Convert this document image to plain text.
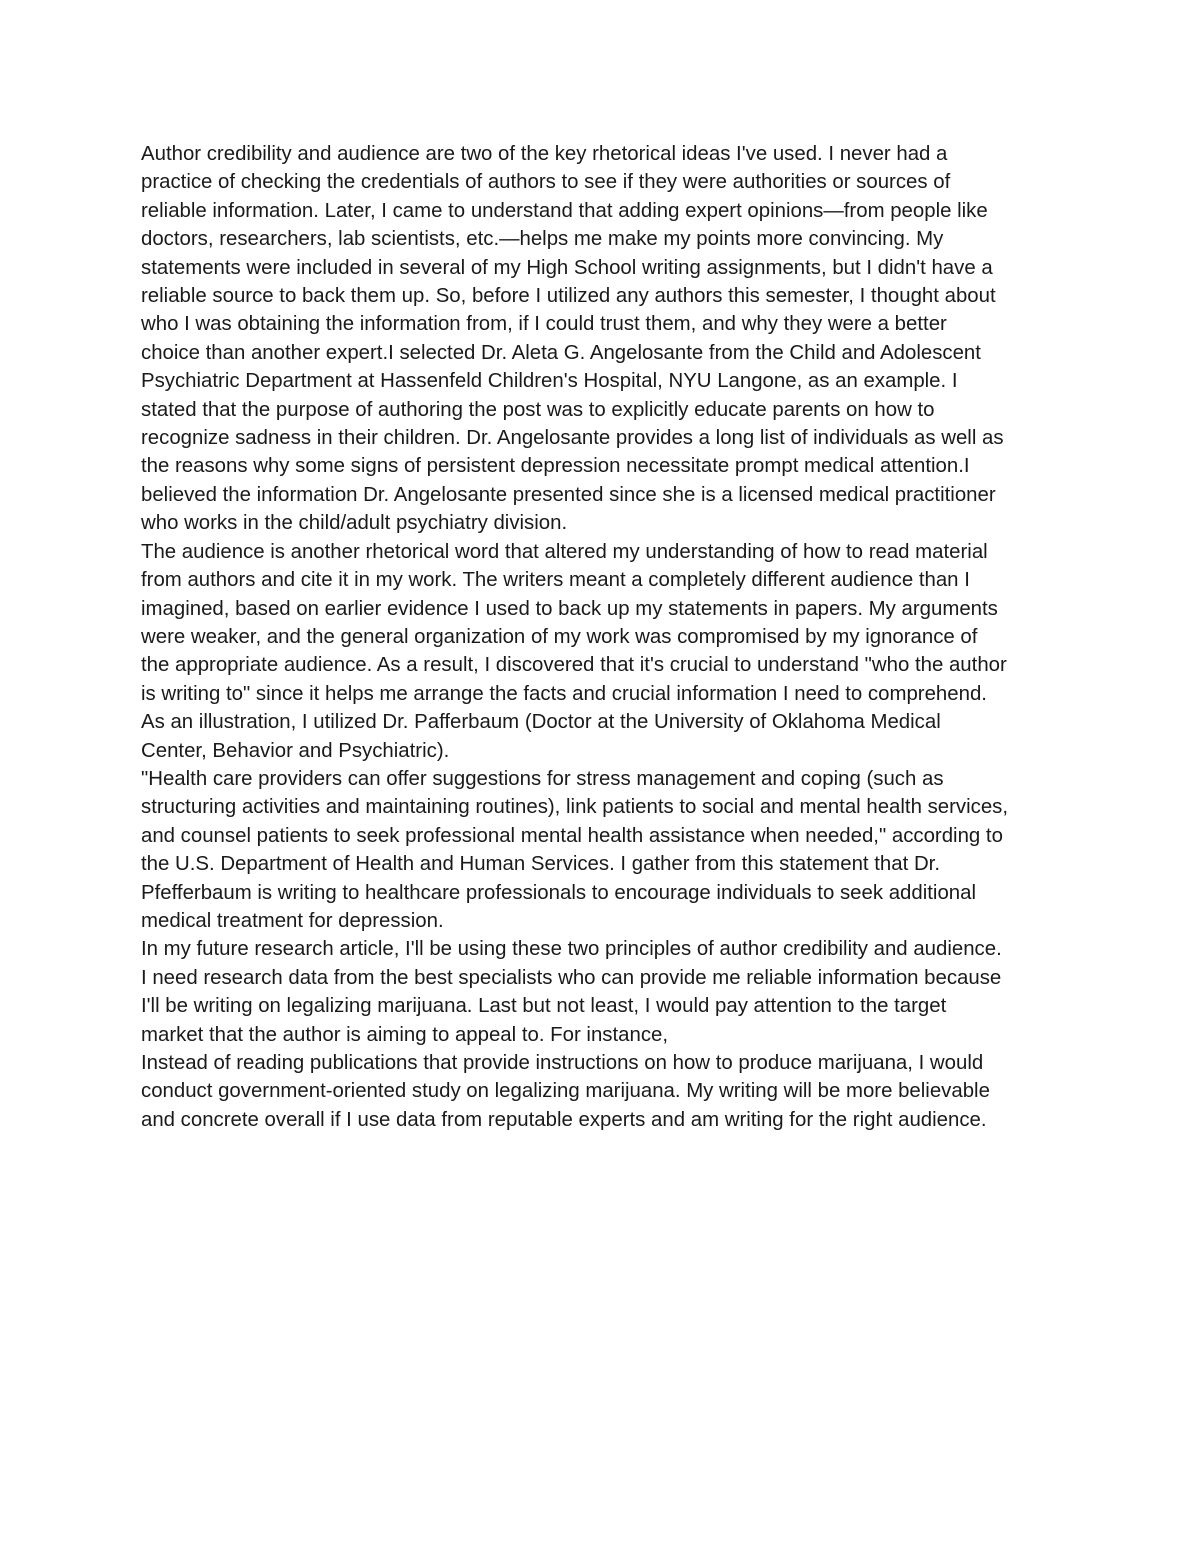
Author credibility and audience are two of the key rhetorical ideas I've used. I never had a
practice of checking the credentials of authors to see if they were authorities or sources of
reliable information. Later, I came to understand that adding expert opinions—from people like
doctors, researchers, lab scientists, etc.—helps me make my points more convincing. My
statements were included in several of my High School writing assignments, but I didn't have a
reliable source to back them up. So, before I utilized any authors this semester, I thought about
who I was obtaining the information from, if I could trust them, and why they were a better
choice than another expert.I selected Dr. Aleta G. Angelosante from the Child and Adolescent
Psychiatric Department at Hassenfeld Children's Hospital, NYU Langone, as an example. I
stated that the purpose of authoring the post was to explicitly educate parents on how to
recognize sadness in their children. Dr. Angelosante provides a long list of individuals as well as
the reasons why some signs of persistent depression necessitate prompt medical attention.I
believed the information Dr. Angelosante presented since she is a licensed medical practitioner
who works in the child/adult psychiatry division.

The audience is another rhetorical word that altered my understanding of how to read material
from authors and cite it in my work. The writers meant a completely different audience than I
imagined, based on earlier evidence I used to back up my statements in papers. My arguments
were weaker, and the general organization of my work was compromised by my ignorance of
the appropriate audience. As a result, I discovered that it's crucial to understand "who the author
is writing to" since it helps me arrange the facts and crucial information I need to comprehend.
As an illustration, I utilized Dr. Pafferbaum (Doctor at the University of Oklahoma Medical
Center, Behavior and Psychiatric).

"Health care providers can offer suggestions for stress management and coping (such as
structuring activities and maintaining routines), link patients to social and mental health services,
and counsel patients to seek professional mental health assistance when needed," according to
the U.S. Department of Health and Human Services. I gather from this statement that Dr.
Pfefferbaum is writing to healthcare professionals to encourage individuals to seek additional
medical treatment for depression.

In my future research article, I'll be using these two principles of author credibility and audience.
I need research data from the best specialists who can provide me reliable information because
I'll be writing on legalizing marijuana. Last but not least, I would pay attention to the target
market that the author is aiming to appeal to. For instance,

Instead of reading publications that provide instructions on how to produce marijuana, I would
conduct government-oriented study on legalizing marijuana. My writing will be more believable
and concrete overall if I use data from reputable experts and am writing for the right audience.
